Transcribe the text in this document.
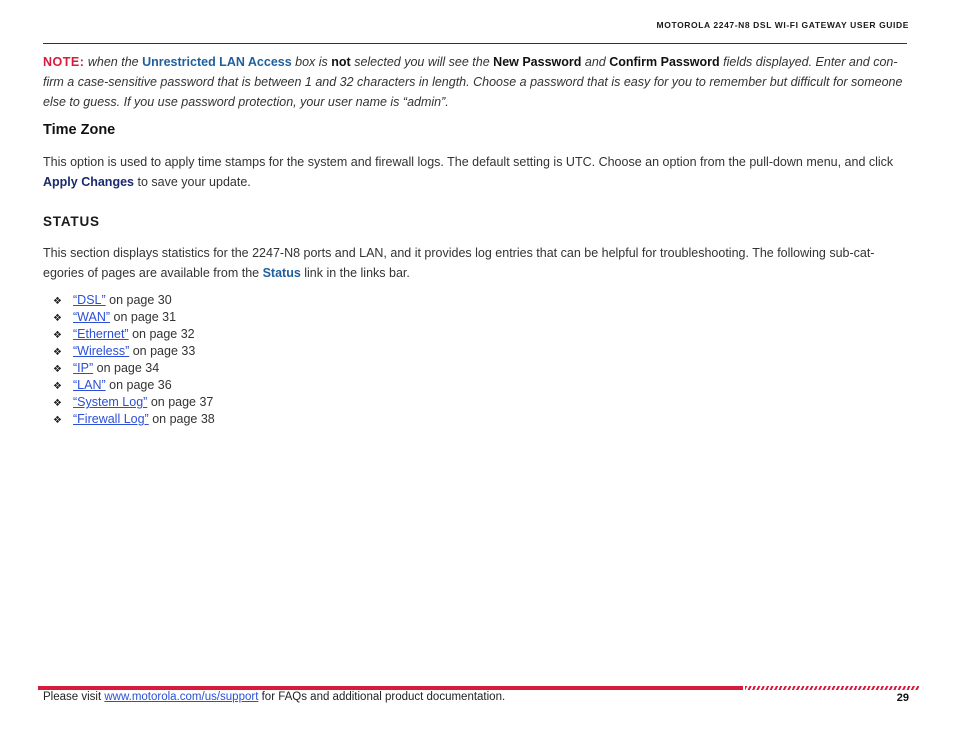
MOTOROLA 2247-N8 DSL WI-FI GATEWAY USER GUIDE

NOTE: when the Unrestricted LAN Access box is not selected you will see the New Password and Confirm Password fields displayed. Enter and con-firm a case-sensitive password that is between 1 and 32 characters in length. Choose a password that is easy for you to remember but difficult for someone else to guess. If you use password protection, your user name is “admin”.

Time Zone

This option is used to apply time stamps for the system and firewall logs. The default setting is UTC. Choose an option from the pull-down menu, and click Apply Changes to save your update.

STATUS

This section displays statistics for the 2247-N8 ports and LAN, and it provides log entries that can be helpful for troubleshooting. The following sub-cat-egories of pages are available from the Status link in the links bar.

❖ “DSL” on page 30
❖ “WAN” on page 31
❖ “Ethernet” on page 32
❖ “Wireless” on page 33
❖ “IP” on page 34
❖ “LAN” on page 36
❖ “System Log” on page 37
❖ “Firewall Log” on page 38
Please visit www.motorola.com/us/support for FAQs and additional product documentation.	29
